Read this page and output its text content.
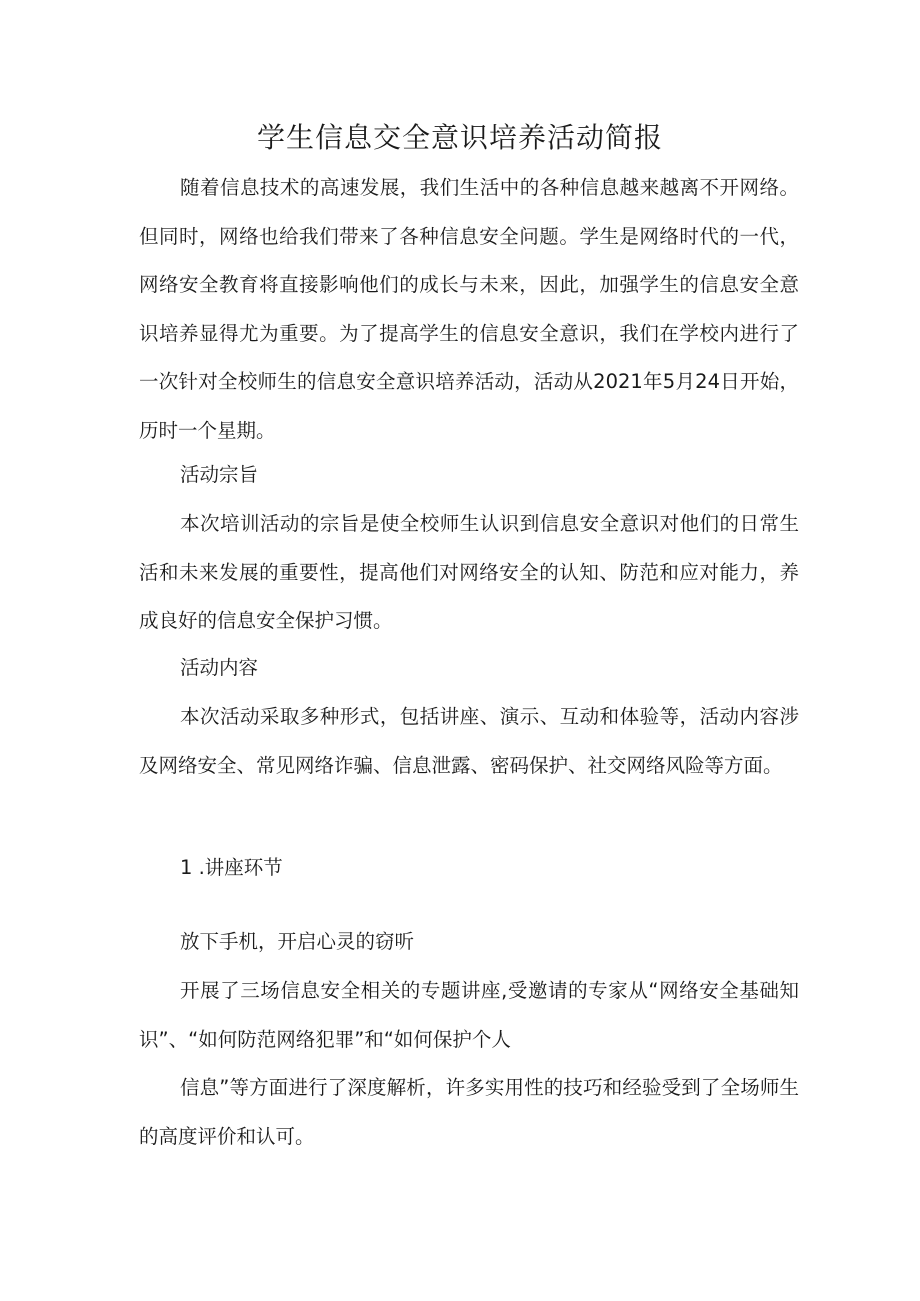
学生信息交全意识培养活动简报

随着信息技术的高速发展，我们生活中的各种信息越来越离不开网络。但同时，网络也给我们带来了各种信息安全问题。学生是网络时代的一代，网络安全教育将直接影响他们的成长与未来，因此，加强学生的信息安全意识培养显得尤为重要。为了提高学生的信息安全意识，我们在学校内进行了一次针对全校师生的信息安全意识培养活动，活动从2021年5月24日开始，历时一个星期。

活动宗旨

本次培训活动的宗旨是使全校师生认识到信息安全意识对他们的日常生活和未来发展的重要性，提高他们对网络安全的认知、防范和应对能力，养成良好的信息安全保护习惯。

活动内容

本次活动采取多种形式，包括讲座、演示、互动和体验等，活动内容涉及网络安全、常见网络诈骗、信息泄露、密码保护、社交网络风险等方面。

1 .讲座环节

放下手机，开启心灵的窃听

开展了三场信息安全相关的专题讲座,受邀请的专家从“网络安全基础知识”、“如何防范网络犯罪”和“如何保护个人

信息”等方面进行了深度解析，许多实用性的技巧和经验受到了全场师生的高度评价和认可。
